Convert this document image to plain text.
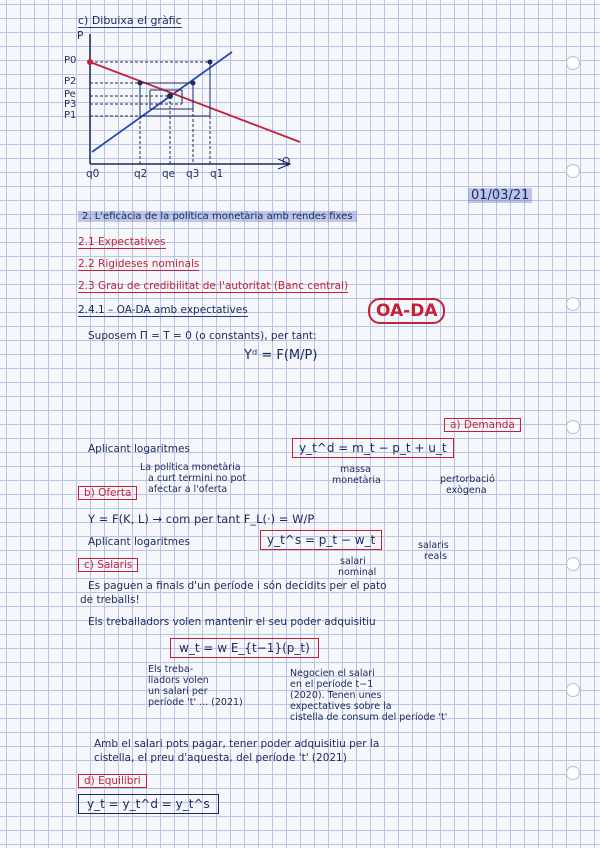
c) Dibuixa el gràfic
P
P0
P2
Pe
P3
P1
Q
q0	q2 qe q3 q1
01/03/21
2. L'eficàcia de la política monetària amb rendes fixes
2.1 Expectatives
2.2 Rigideses nominals
2.3 Grau de credibilitat de l'autoritat (Banc central)
2.4.1 – OA-DA amb expectatives	OA-DA
Suposem Π = T = 0 (o constants), per tant:
Yᵈ = F(M/P)
a) Demanda
Aplicant logaritmes	y_t^d = m_t − p_t + u_t
massa
monetària	pertorbació
exògena
La política monetària
a curt termini no pot
afectar a l'oferta
b) Oferta
Y = F(K, L) → com per tant F_L(·) = W/P
Aplicant logaritmes	y_t^s = p_t − w_t
salari
nominal
salaris
reals
c) Salaris
Es paguen a finals d'un període i són decidits per el pato
de treballs!
Els treballadors volen mantenir el seu poder adquisitiu
w_t = w E_{t−1}(p_t)
Els treba-
lladors volen
un salari per
període 't' ... (2021)
Negocien el salari
en el període t−1
(2020). Tenen unes
expectatives sobre la
cistella de consum del període 't'
Amb el salari pots pagar, tener poder adquisitiu per la
cistella, el preu d'aquesta, del període 't' (2021)
d) Equilibri
y_t = y_t^d = y_t^s
